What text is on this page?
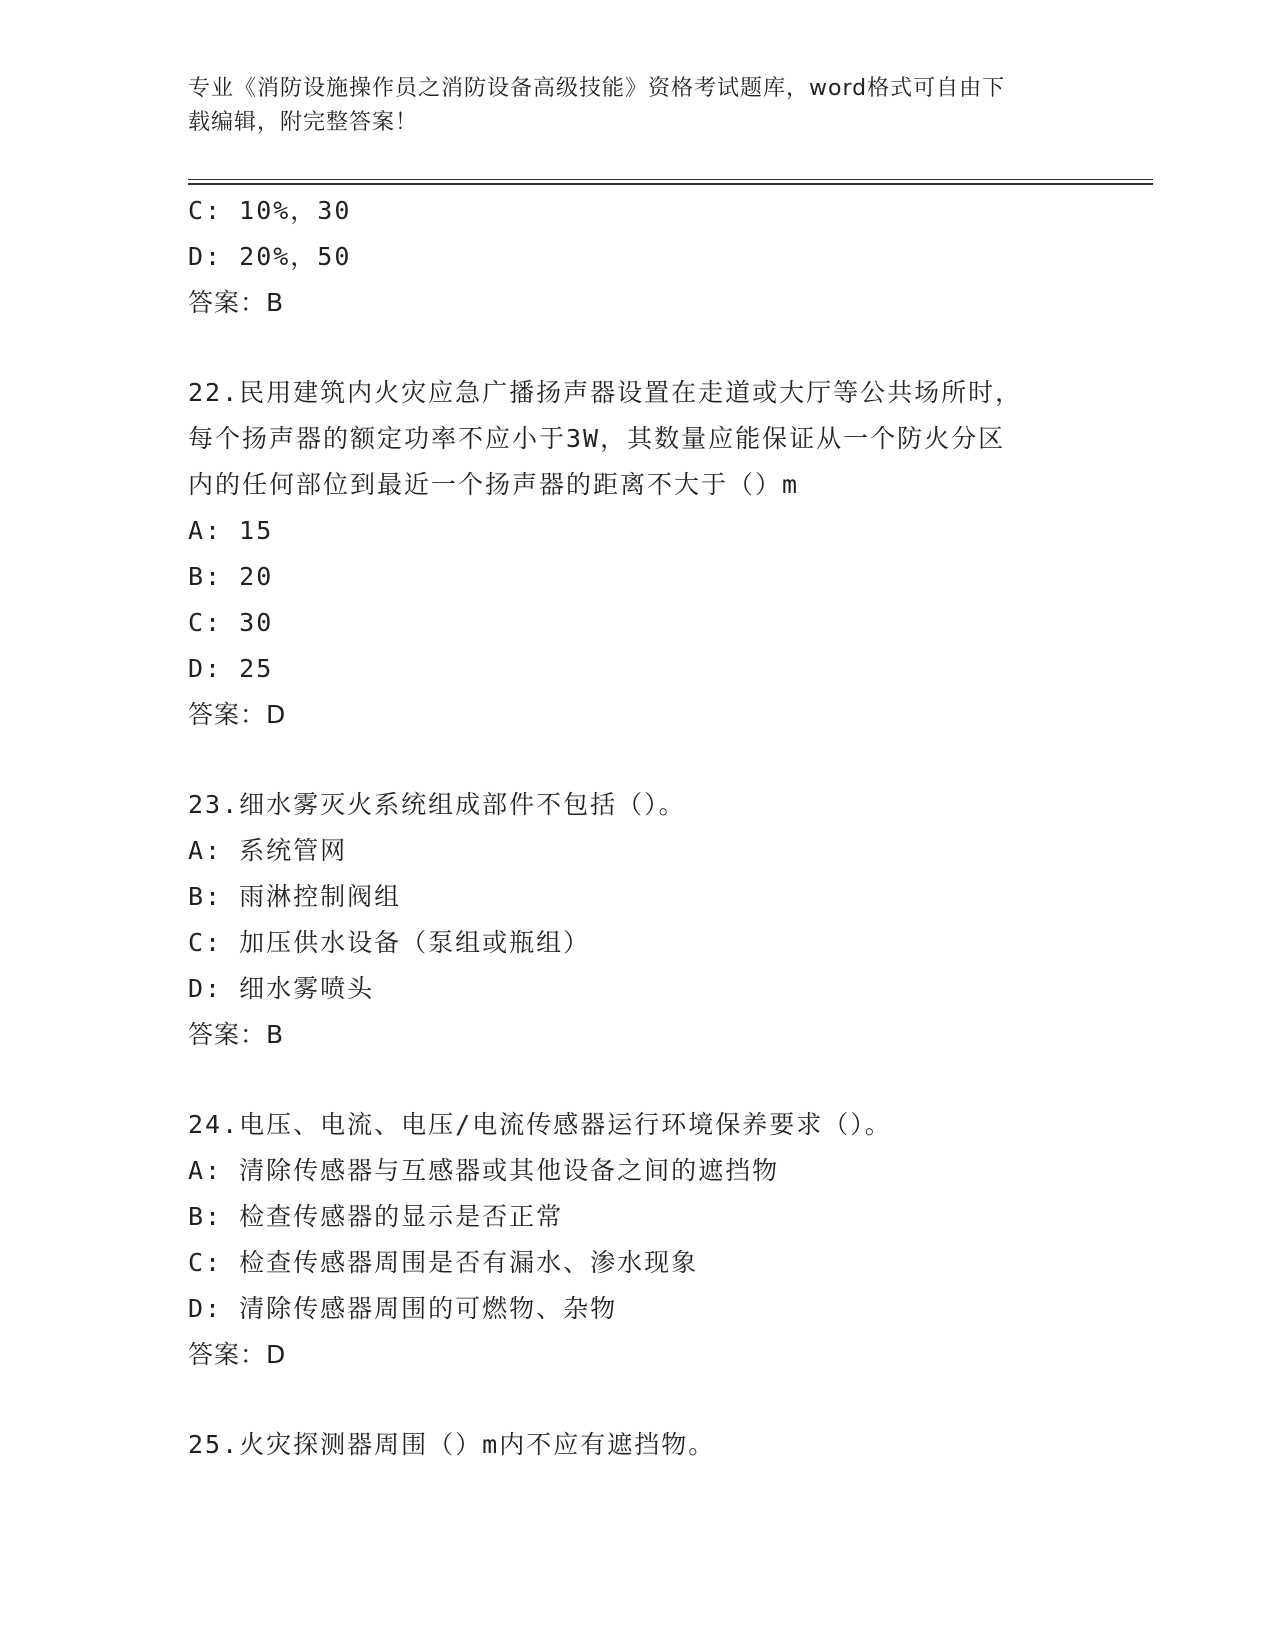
专业《消防设施操作员之消防设备高级技能》资格考试题库，word格式可自由下
载编辑，附完整答案！
C: 10%，30
D: 20%，50
答案：B
22.民用建筑内火灾应急广播扬声器设置在走道或大厅等公共场所时，
每个扬声器的额定功率不应小于3W，其数量应能保证从一个防火分区
内的任何部位到最近一个扬声器的距离不大于（）m
A: 15
B: 20
C: 30
D: 25
答案：D
23.细水雾灭火系统组成部件不包括（）。
A: 系统管网
B: 雨淋控制阀组
C: 加压供水设备（泵组或瓶组）
D: 细水雾喷头
答案：B
24.电压、电流、电压/电流传感器运行环境保养要求（）。
A: 清除传感器与互感器或其他设备之间的遮挡物
B: 检查传感器的显示是否正常
C: 检查传感器周围是否有漏水、渗水现象
D: 清除传感器周围的可燃物、杂物
答案：D
25.火灾探测器周围（）m内不应有遮挡物。
